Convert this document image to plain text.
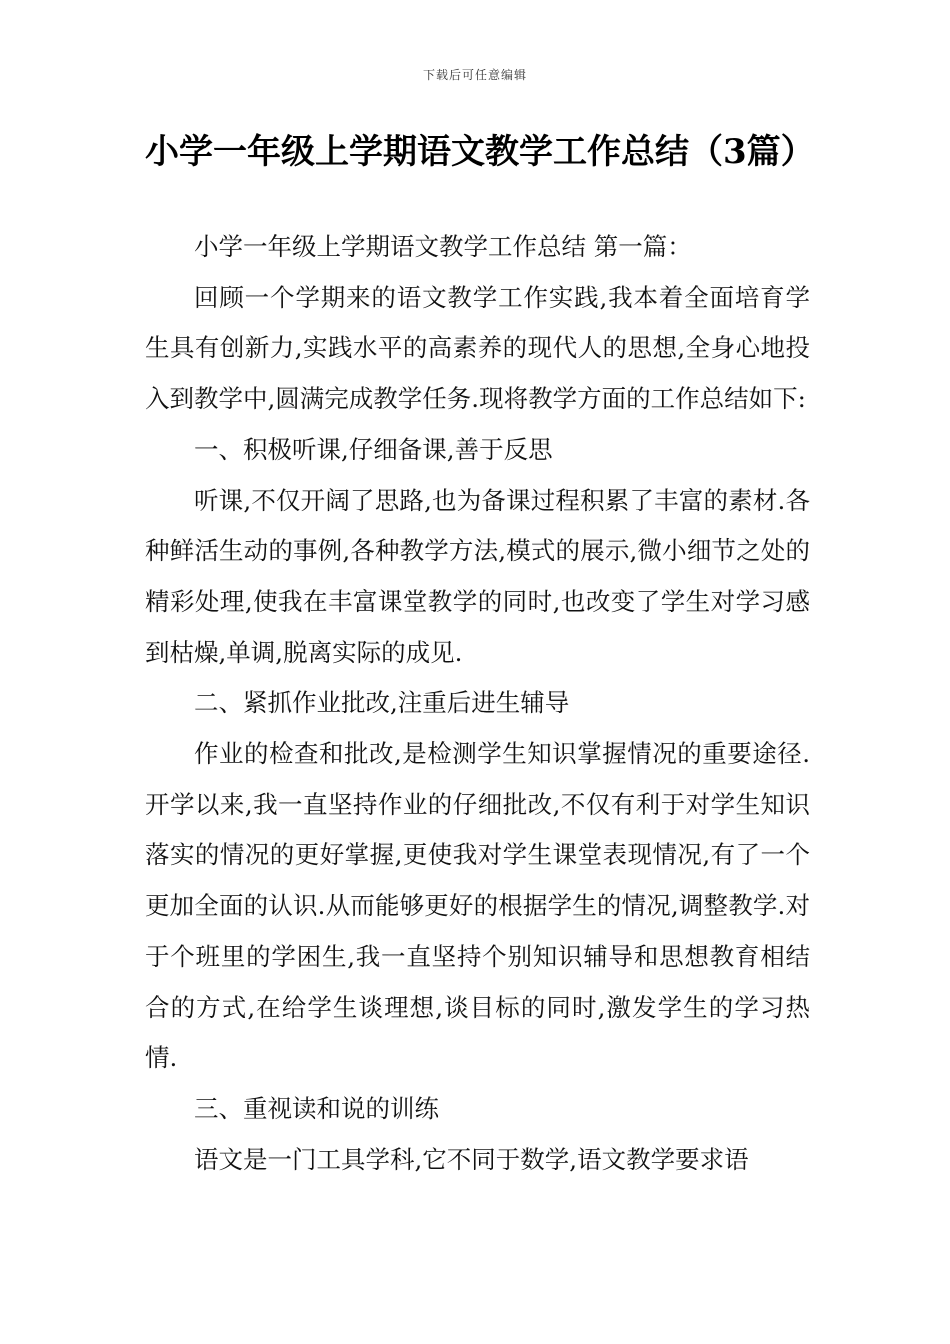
下载后可任意编辑
小学一年级上学期语文教学工作总结（3篇）

小学一年级上学期语文教学工作总结 第一篇：

回顾一个学期来的语文教学工作实践,我本着全面培育学生具有创新力,实践水平的高素养的现代人的思想,全身心地投入到教学中,圆满完成教学任务.现将教学方面的工作总结如下:

一、积极听课,仔细备课,善于反思

听课,不仅开阔了思路,也为备课过程积累了丰富的素材.各种鲜活生动的事例,各种教学方法,模式的展示,微小细节之处的精彩处理,使我在丰富课堂教学的同时,也改变了学生对学习感到枯燥,单调,脱离实际的成见.

二、紧抓作业批改,注重后进生辅导

作业的检查和批改,是检测学生知识掌握情况的重要途径.开学以来,我一直坚持作业的仔细批改,不仅有利于对学生知识落实的情况的更好掌握,更使我对学生课堂表现情况,有了一个更加全面的认识.从而能够更好的根据学生的情况,调整教学.对于个班里的学困生,我一直坚持个别知识辅导和思想教育相结合的方式,在给学生谈理想,谈目标的同时,激发学生的学习热情.

三、重视读和说的训练

语文是一门工具学科,它不同于数学,语文教学要求语
